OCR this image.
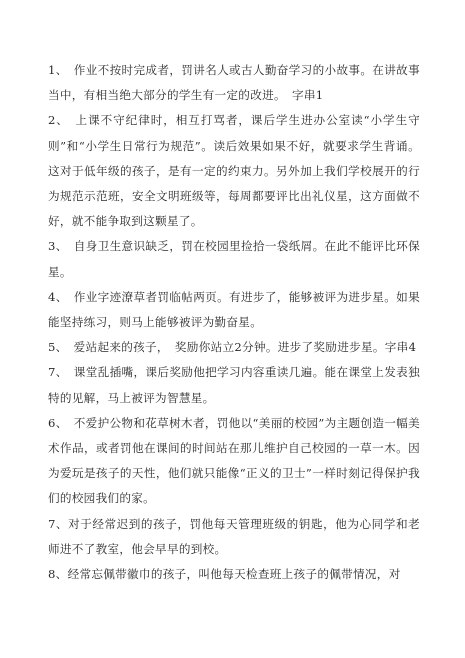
1、　作业不按时完成者，罚讲名人或古人勤奋学习的小故事。在讲故事当中，有相当绝大部分的学生有一定的改进。　字串1

2、　上课不守纪律时，相互打骂者，课后学生进办公室读“小学生守则”和“小学生日常行为规范”。读后效果如果不好，就要求学生背诵。这对于低年级的孩子，是有一定的约束力。另外加上我们学校展开的行为规范示范班，安全文明班级等，每周都要评比出礼仪星，这方面做不好，就不能争取到这颗星了。

3、　自身卫生意识缺乏，罚在校园里捡拾一袋纸屑。在此不能评比环保星。

4、　作业字迹潦草者罚临帖两页。有进步了，能够被评为进步星。如果能坚持练习，则马上能够被评为勤奋星。

5、　爱站起来的孩子，　奖励你站立2分钟。进步了奖励进步星。字串4

7、　课堂乱插嘴，课后奖励他把学习内容重读几遍。能在课堂上发表独特的见解，马上被评为智慧星。

6、　不爱护公物和花草树木者，罚他以“美丽的校园”为主题创造一幅美术作品，或者罚他在课间的时间站在那儿维护自己校园的一草一木。因为爱玩是孩子的天性，他们就只能像“正义的卫士”一样时刻记得保护我们的校园我们的家。

7、对于经常迟到的孩子，罚他每天管理班级的钥匙，他为心同学和老师进不了教室，他会早早的到校。

8、经常忘佩带徽巾的孩子，叫他每天检查班上孩子的佩带情况，对
